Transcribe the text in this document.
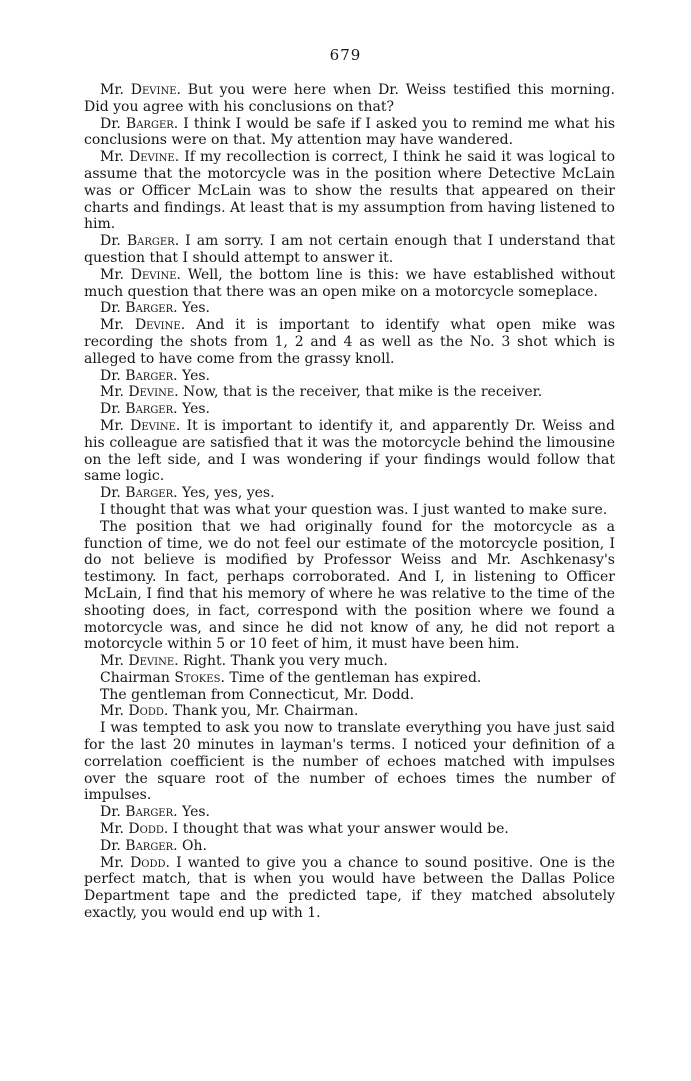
679

Mr. Devine. But you were here when Dr. Weiss testified this morning. Did you agree with his conclusions on that?

Dr. Barger. I think I would be safe if I asked you to remind me what his conclusions were on that. My attention may have wandered.

Mr. Devine. If my recollection is correct, I think he said it was logical to assume that the motorcycle was in the position where Detective McLain was or Officer McLain was to show the results that appeared on their charts and findings. At least that is my assumption from having listened to him.

Dr. Barger. I am sorry. I am not certain enough that I understand that question that I should attempt to answer it.

Mr. Devine. Well, the bottom line is this: we have established without much question that there was an open mike on a motorcycle someplace.

Dr. Barger. Yes.

Mr. Devine. And it is important to identify what open mike was recording the shots from 1, 2 and 4 as well as the No. 3 shot which is alleged to have come from the grassy knoll.

Dr. Barger. Yes.

Mr. Devine. Now, that is the receiver, that mike is the receiver.

Dr. Barger. Yes.

Mr. Devine. It is important to identify it, and apparently Dr. Weiss and his colleague are satisfied that it was the motorcycle behind the limousine on the left side, and I was wondering if your findings would follow that same logic.

Dr. Barger. Yes, yes, yes.

I thought that was what your question was. I just wanted to make sure.

The position that we had originally found for the motorcycle as a function of time, we do not feel our estimate of the motorcycle position, I do not believe is modified by Professor Weiss and Mr. Aschkenasy's testimony. In fact, perhaps corroborated. And I, in listening to Officer McLain, I find that his memory of where he was relative to the time of the shooting does, in fact, correspond with the position where we found a motorcycle was, and since he did not know of any, he did not report a motorcycle within 5 or 10 feet of him, it must have been him.

Mr. Devine. Right. Thank you very much.

Chairman Stokes. Time of the gentleman has expired.

The gentleman from Connecticut, Mr. Dodd.

Mr. Dodd. Thank you, Mr. Chairman.

I was tempted to ask you now to translate everything you have just said for the last 20 minutes in layman's terms. I noticed your definition of a correlation coefficient is the number of echoes matched with impulses over the square root of the number of echoes times the number of impulses.

Dr. Barger. Yes.

Mr. Dodd. I thought that was what your answer would be.

Dr. Barger. Oh.

Mr. Dodd. I wanted to give you a chance to sound positive. One is the perfect match, that is when you would have between the Dallas Police Department tape and the predicted tape, if they matched absolutely exactly, you would end up with 1.
